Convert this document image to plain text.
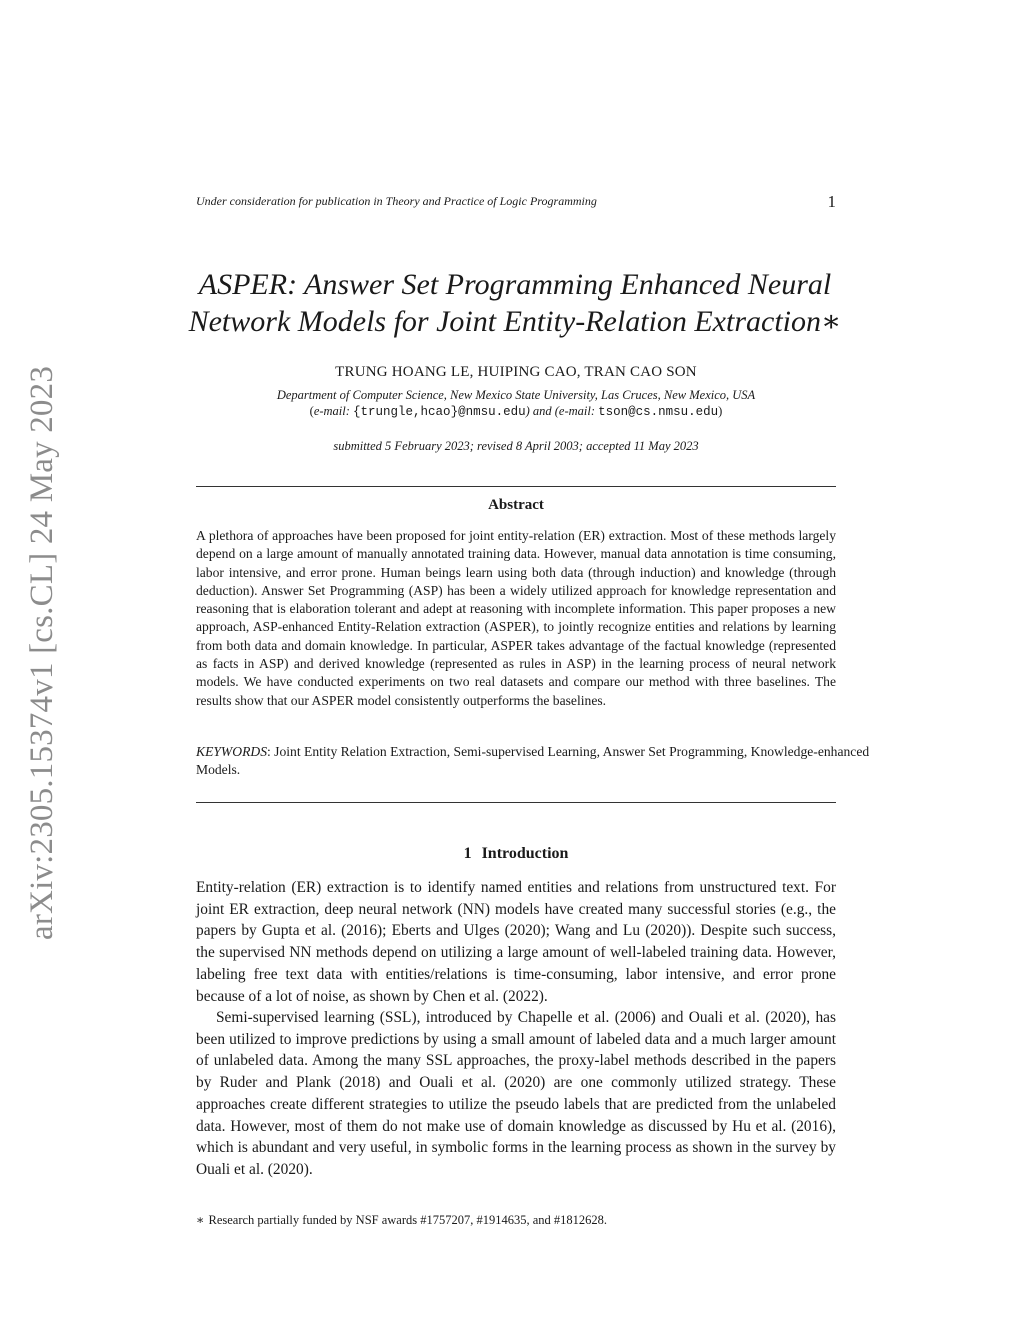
arXiv:2305.15374v1 [cs.CL] 24 May 2023
Under consideration for publication in Theory and Practice of Logic Programming	1
ASPER: Answer Set Programming Enhanced Neural
Network Models for Joint Entity-Relation Extraction∗
TRUNG HOANG LE, HUIPING CAO, TRAN CAO SON
Department of Computer Science, New Mexico State University, Las Cruces, New Mexico, USA
(e-mail: {trungle,hcao}@nmsu.edu) and (e-mail: tson@cs.nmsu.edu)
submitted 5 February 2023; revised 8 April 2003; accepted 11 May 2023
Abstract
A plethora of approaches have been proposed for joint entity-relation (ER) extraction. Most of these methods largely depend on a large amount of manually annotated training data. However, manual data annotation is time consuming, labor intensive, and error prone. Human beings learn using both data (through induction) and knowledge (through deduction). Answer Set Programming (ASP) has been a widely utilized approach for knowledge representation and reasoning that is elaboration tolerant and adept at reasoning with incomplete information. This paper proposes a new approach, ASP-enhanced Entity-Relation extraction (ASPER), to jointly recognize entities and relations by learning from both data and domain knowledge. In particular, ASPER takes advantage of the factual knowledge (represented as facts in ASP) and derived knowledge (represented as rules in ASP) in the learning process of neural network models. We have conducted experiments on two real datasets and compare our method with three baselines. The results show that our ASPER model consistently outperforms the baselines.
KEYWORDS: Joint Entity Relation Extraction, Semi-supervised Learning, Answer Set Programming, Knowledge-enhanced Models.
1 Introduction
Entity-relation (ER) extraction is to identify named entities and relations from unstructured text. For joint ER extraction, deep neural network (NN) models have created many successful stories (e.g., the papers by Gupta et al. (2016); Eberts and Ulges (2020); Wang and Lu (2020)). Despite such success, the supervised NN methods depend on utilizing a large amount of well-labeled training data. However, labeling free text data with entities/relations is time-consuming, labor intensive, and error prone because of a lot of noise, as shown by Chen et al. (2022).
Semi-supervised learning (SSL), introduced by Chapelle et al. (2006) and Ouali et al. (2020), has been utilized to improve predictions by using a small amount of labeled data and a much larger amount of unlabeled data. Among the many SSL approaches, the proxy-label methods described in the papers by Ruder and Plank (2018) and Ouali et al. (2020) are one commonly utilized strategy. These approaches create different strategies to utilize the pseudo labels that are predicted from the unlabeled data. However, most of them do not make use of domain knowledge as discussed by Hu et al. (2016), which is abundant and very useful, in symbolic forms in the learning process as shown in the survey by Ouali et al. (2020).
∗ Research partially funded by NSF awards #1757207, #1914635, and #1812628.
